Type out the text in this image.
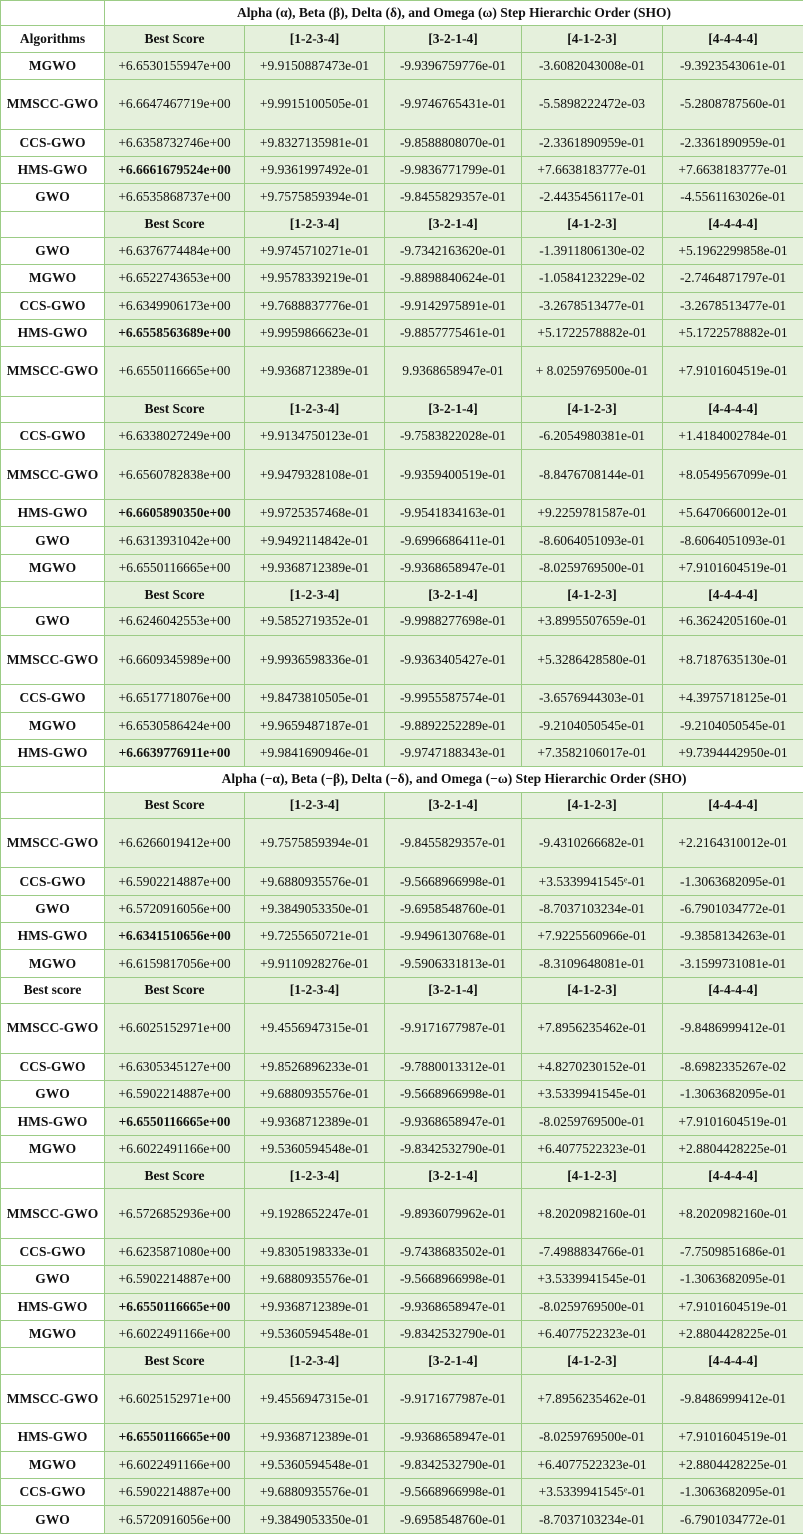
	Alpha (α), Beta (β), Delta (δ), and Omega (ω) Step Hierarchic Order (SHO)				
Algorithms	Best Score	[1-2-3-4]	[3-2-1-4]	[4-1-2-3]	[4-4-4-4]
MGWO	+6.6530155947e+00	+9.9150887473e-01	-9.9396759776e-01	-3.6082043008e-01	-9.3923543061e-01
MMSCC-GWO	+6.6647467719e+00	+9.9915100505e-01	-9.9746765431e-01	-5.5898222472e-03	-5.2808787560e-01
CCS-GWO	+6.6358732746e+00	+9.8327135981e-01	-9.8588808070e-01	-2.3361890959e-01	-2.3361890959e-01
HMS-GWO	+6.6661679524e+00	+9.9361997492e-01	-9.9836771799e-01	+7.6638183777e-01	+7.6638183777e-01
GWO	+6.6535868737e+00	+9.7575859394e-01	-9.8455829357e-01	-2.4435456117e-01	-4.5561163026e-01
	Best Score	[1-2-3-4]	[3-2-1-4]	[4-1-2-3]	[4-4-4-4]
GWO	+6.6376774484e+00	+9.9745710271e-01	-9.7342163620e-01	-1.3911806130e-02	+5.1962299858e-01
MGWO	+6.6522743653e+00	+9.9578339219e-01	-9.8898840624e-01	-1.0584123229e-02	-2.7464871797e-01
CCS-GWO	+6.6349906173e+00	+9.7688837776e-01	-9.9142975891e-01	-3.2678513477e-01	-3.2678513477e-01
HMS-GWO	+6.6558563689e+00	+9.9959866623e-01	-9.8857775461e-01	+5.1722578882e-01	+5.1722578882e-01
MMSCC-GWO	+6.6550116665e+00	+9.9368712389e-01	9.9368658947e-01	+ 8.0259769500e-01	+7.9101604519e-01
	Best Score	[1-2-3-4]	[3-2-1-4]	[4-1-2-3]	[4-4-4-4]
CCS-GWO	+6.6338027249e+00	+9.9134750123e-01	-9.7583822028e-01	-6.2054980381e-01	+1.4184002784e-01
MMSCC-GWO	+6.6560782838e+00	+9.9479328108e-01	-9.9359400519e-01	-8.8476708144e-01	+8.0549567099e-01
HMS-GWO	+6.6605890350e+00	+9.9725357468e-01	-9.9541834163e-01	+9.2259781587e-01	+5.6470660012e-01
GWO	+6.6313931042e+00	+9.9492114842e-01	-9.6996686411e-01	-8.6064051093e-01	-8.6064051093e-01
MGWO	+6.6550116665e+00	+9.9368712389e-01	-9.9368658947e-01	-8.0259769500e-01	+7.9101604519e-01
	Best Score	[1-2-3-4]	[3-2-1-4]	[4-1-2-3]	[4-4-4-4]
GWO	+6.6246042553e+00	+9.5852719352e-01	-9.9988277698e-01	+3.8995507659e-01	+6.3624205160e-01
MMSCC-GWO	+6.6609345989e+00	+9.9936598336e-01	-9.9363405427e-01	+5.3286428580e-01	+8.7187635130e-01
CCS-GWO	+6.6517718076e+00	+9.8473810505e-01	-9.9955587574e-01	-3.6576944303e-01	+4.3975718125e-01
MGWO	+6.6530586424e+00	+9.9659487187e-01	-9.8892252289e-01	-9.2104050545e-01	-9.2104050545e-01
HMS-GWO	+6.6639776911e+00	+9.9841690946e-01	-9.9747188343e-01	+7.3582106017e-01	+9.7394442950e-01
	Alpha (−α), Beta (−β), Delta (−δ), and Omega (−ω) Step Hierarchic Order (SHO)				
	Best Score	[1-2-3-4]	[3-2-1-4]	[4-1-2-3]	[4-4-4-4]
MMSCC-GWO	+6.6266019412e+00	+9.7575859394e-01	-9.8455829357e-01	-9.4310266682e-01	+2.2164310012e-01
CCS-GWO	+6.5902214887e+00	+9.6880935576e-01	-9.5668966998e-01	+3.5339941545ᵉ-01	-1.3063682095e-01
GWO	+6.5720916056e+00	+9.3849053350e-01	-9.6958548760e-01	-8.7037103234e-01	-6.7901034772e-01
HMS-GWO	+6.6341510656e+00	+9.7255650721e-01	-9.9496130768e-01	+7.9225560966e-01	-9.3858134263e-01
MGWO	+6.6159817056e+00	+9.9110928276e-01	-9.5906331813e-01	-8.3109648081e-01	-3.1599731081e-01
Best score	Best Score	[1-2-3-4]	[3-2-1-4]	[4-1-2-3]	[4-4-4-4]
MMSCC-GWO	+6.6025152971e+00	+9.4556947315e-01	-9.9171677987e-01	+7.8956235462e-01	-9.8486999412e-01
CCS-GWO	+6.6305345127e+00	+9.8526896233e-01	-9.7880013312e-01	+4.8270230152e-01	-8.6982335267e-02
GWO	+6.5902214887e+00	+9.6880935576e-01	-9.5668966998e-01	+3.5339941545e-01	-1.3063682095e-01
HMS-GWO	+6.6550116665e+00	+9.9368712389e-01	-9.9368658947e-01	-8.0259769500e-01	+7.9101604519e-01
MGWO	+6.6022491166e+00	+9.5360594548e-01	-9.8342532790e-01	+6.4077522323e-01	+2.8804428225e-01
	Best Score	[1-2-3-4]	[3-2-1-4]	[4-1-2-3]	[4-4-4-4]
MMSCC-GWO	+6.5726852936e+00	+9.1928652247e-01	-9.8936079962e-01	+8.2020982160e-01	+8.2020982160e-01
CCS-GWO	+6.6235871080e+00	+9.8305198333e-01	-9.7438683502e-01	-7.4988834766e-01	-7.7509851686e-01
GWO	+6.5902214887e+00	+9.6880935576e-01	-9.5668966998e-01	+3.5339941545e-01	-1.3063682095e-01
HMS-GWO	+6.6550116665e+00	+9.9368712389e-01	-9.9368658947e-01	-8.0259769500e-01	+7.9101604519e-01
MGWO	+6.6022491166e+00	+9.5360594548e-01	-9.8342532790e-01	+6.4077522323e-01	+2.8804428225e-01
	Best Score	[1-2-3-4]	[3-2-1-4]	[4-1-2-3]	[4-4-4-4]
MMSCC-GWO	+6.6025152971e+00	+9.4556947315e-01	-9.9171677987e-01	+7.8956235462e-01	-9.8486999412e-01
HMS-GWO	+6.6550116665e+00	+9.9368712389e-01	-9.9368658947e-01	-8.0259769500e-01	+7.9101604519e-01
MGWO	+6.6022491166e+00	+9.5360594548e-01	-9.8342532790e-01	+6.4077522323e-01	+2.8804428225e-01
CCS-GWO	+6.5902214887e+00	+9.6880935576e-01	-9.5668966998e-01	+3.5339941545ᵉ-01	-1.3063682095e-01
GWO	+6.5720916056e+00	+9.3849053350e-01	-9.6958548760e-01	-8.7037103234e-01	-6.7901034772e-01
